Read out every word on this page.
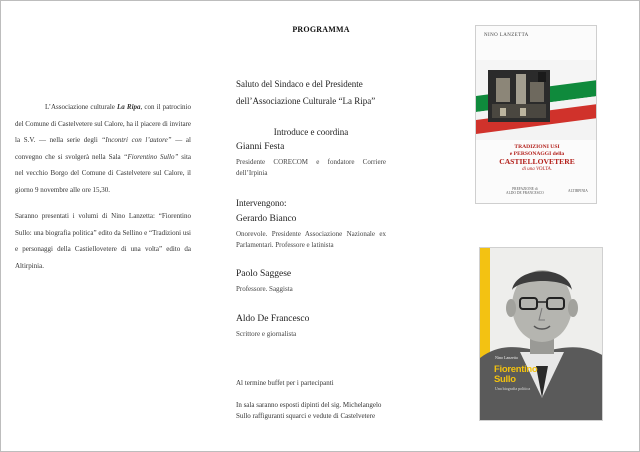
L’Associazione culturale La Ripa, con il patrocinio del Comune di Castelvetere sul Calore, ha il piacere di invitare la S.V. — nella serie degli “Incontri con l’autore” — al convegno che si svolgerà nella Sala “Fiorentino Sullo” sita nel vecchio Borgo del Comune di Castelvetere sul Calore, il giorno 9 novembre alle ore 15,30.

Saranno presentati i volumi di Nino Lanzetta: “Fiorentino Sullo: una biografia politica” edito da Sellino e “Tradizioni usi e personaggi della Castiellovetere di una volta” edito da Altirpinia.

PROGRAMMA
Saluto del Sindaco e del Presidente dell’Associazione Culturale “La Ripa”
Introduce e coordina
Gianni Festa
Presidente CORECOM e fondatore Corriere dell’Irpinia
Intervengono:
Gerardo Bianco
Onorevole. Presidente Associazione Nazionale ex Parlamentari. Professore e latinista
Paolo Saggese
Professore. Saggista
Aldo De Francesco
Scrittore e giornalista
Al termine buffet per i partecipanti
In sala saranno esposti dipinti del sig. Michelangelo Sullo raffiguranti squarci e vedute di Castelvetere
NINO LANZETTA
TRADIZIONI USI
e PERSONAGGI della
CASTIELLOVETERE
di una VOLTA.
PREFAZIONE di
ALDO DE FRANCESCO
ALTIRPINIA
Nino Lanzetta
Fiorentino
Sullo
Una biografia politica
